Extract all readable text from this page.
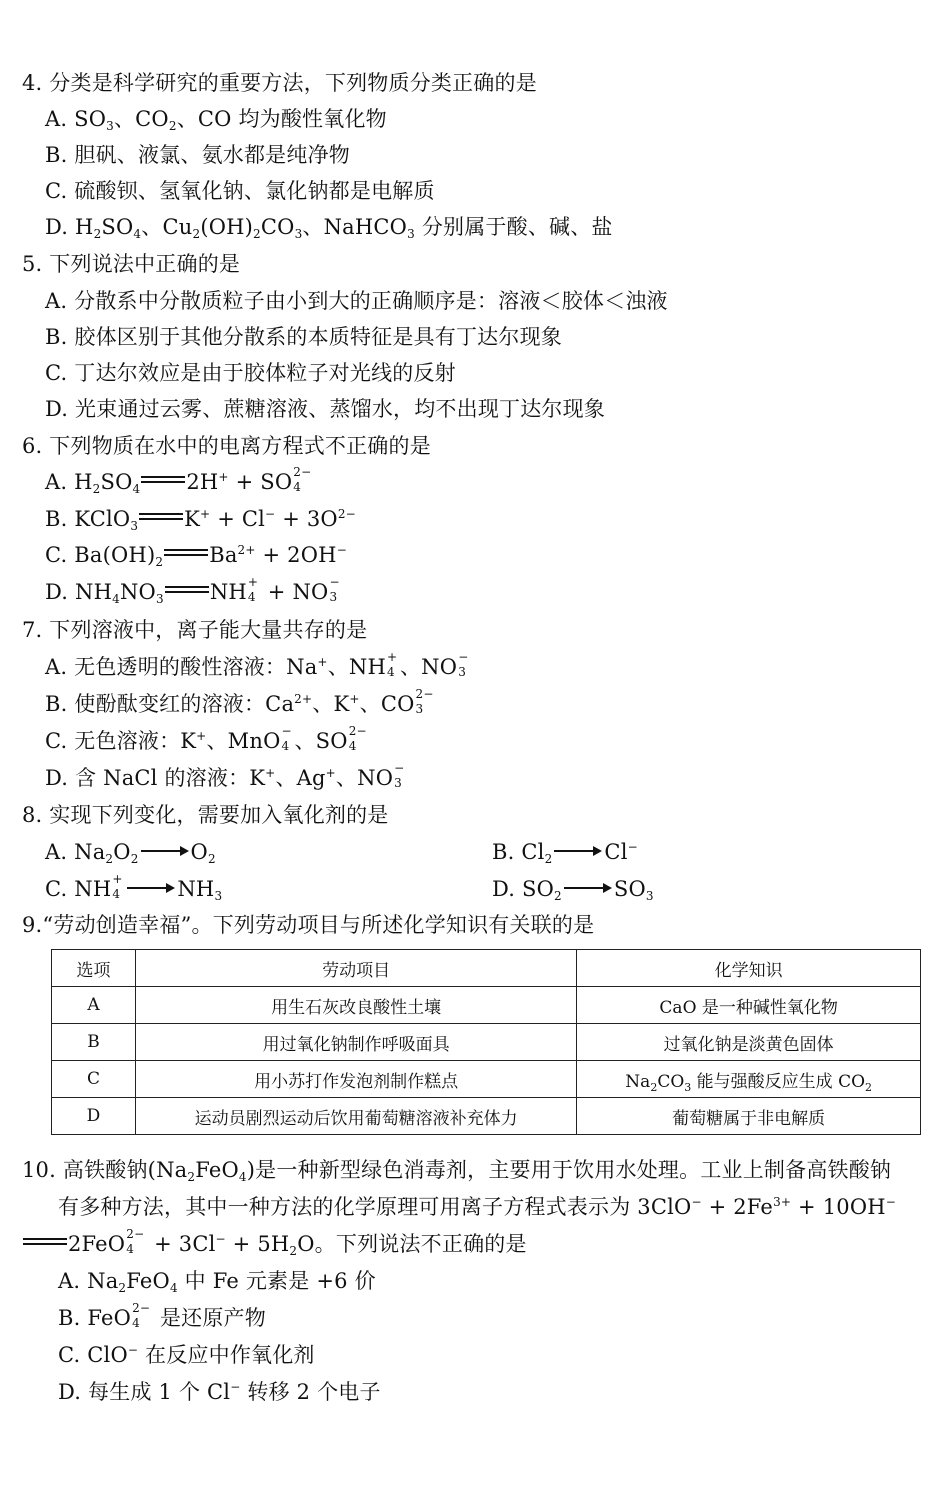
4. 分类是科学研究的重要方法，下列物质分类正确的是
A. $SO_3$、$CO_2$、CO 均为酸性氧化物
B. 胆矾、液氯、氨水都是纯净物
C. 硫酸钡、氢氧化钠、氯化钠都是电解质
D. $H_2SO_4$、$Cu_2(OH)_2CO_3$、NaHCO$_3$ 分别属于酸、碱、盐
5. 下列说法中正确的是
A. 分散系中分散质粒子由小到大的正确顺序是：溶液＜胶体＜浊液
B. 胶体区别于其他分散系的本质特征是具有丁达尔现象
C. 丁达尔效应是由于胶体粒子对光线的反射
D. 光束通过云雾、蔗糖溶液、蒸馏水，均不出现丁达尔现象
6. 下列物质在水中的电离方程式不正确的是
A. $H_2SO_4$ 2H+ + SO 2−
4
B. KClO$_3$ $K^+ + Cl^- + 3O^{2-}$
C. $Ba(OH)_2$ $Ba^{2+} + 2OH^-$
D. $NH_4NO_3$ NH +
4 + NO −
3
7. 下列溶液中，离子能大量共存的是
A. 无色透明的酸性溶液：Na+、NH +
4 、NO −
3
B. 使酚酞变红的溶液：$Ca^{2+}$、K+、CO 2−
3
C. 无色溶液：K+、MnO −
4 、SO 2−
4
D. 含 NaCl 的溶液：K+、Ag+、NO −
3
8. 实现下列变化，需要加入氧化剂的是
A. $Na_2O_2$ $O_2$	B. $Cl_2$ Cl−
C. NH +
4	$NH_3$	D. $SO_2$ $SO_3$
9.“劳动创造幸福”。下列劳动项目与所述化学知识有关联的是
选项	劳动项目	化学知识
A	用生石灰改良酸性土壤	CaO 是一种碱性氧化物
B	用过氧化钠制作呼吸面具	过氧化钠是淡黄色固体
C	用小苏打作发泡剂制作糕点	$Na_2CO_3$ 能与强酸反应生成 $CO_2$
D	运动员剧烈运动后饮用葡萄糖溶液补充体力	葡萄糖属于非电解质
10. 高铁酸钠$(Na_2FeO_4)$是一种新型绿色消毒剂，主要用于饮用水处理。工业上制备高铁酸钠
有多种方法，其中一种方法的化学原理可用离子方程式表示为 $3ClO^- + 2Fe^{3+} + 10OH^-$
2FeO 2−
$4 + 3Cl^- + 5H_2O$。下列说法不正确的是
A. $Na_2FeO_4$ 中 Fe 元素是 +6 价
B. FeO 2−
4 是还原产物
C. ClO− 在反应中作氧化剂
D. 每生成 1 个 Cl− 转移 2 个电子
